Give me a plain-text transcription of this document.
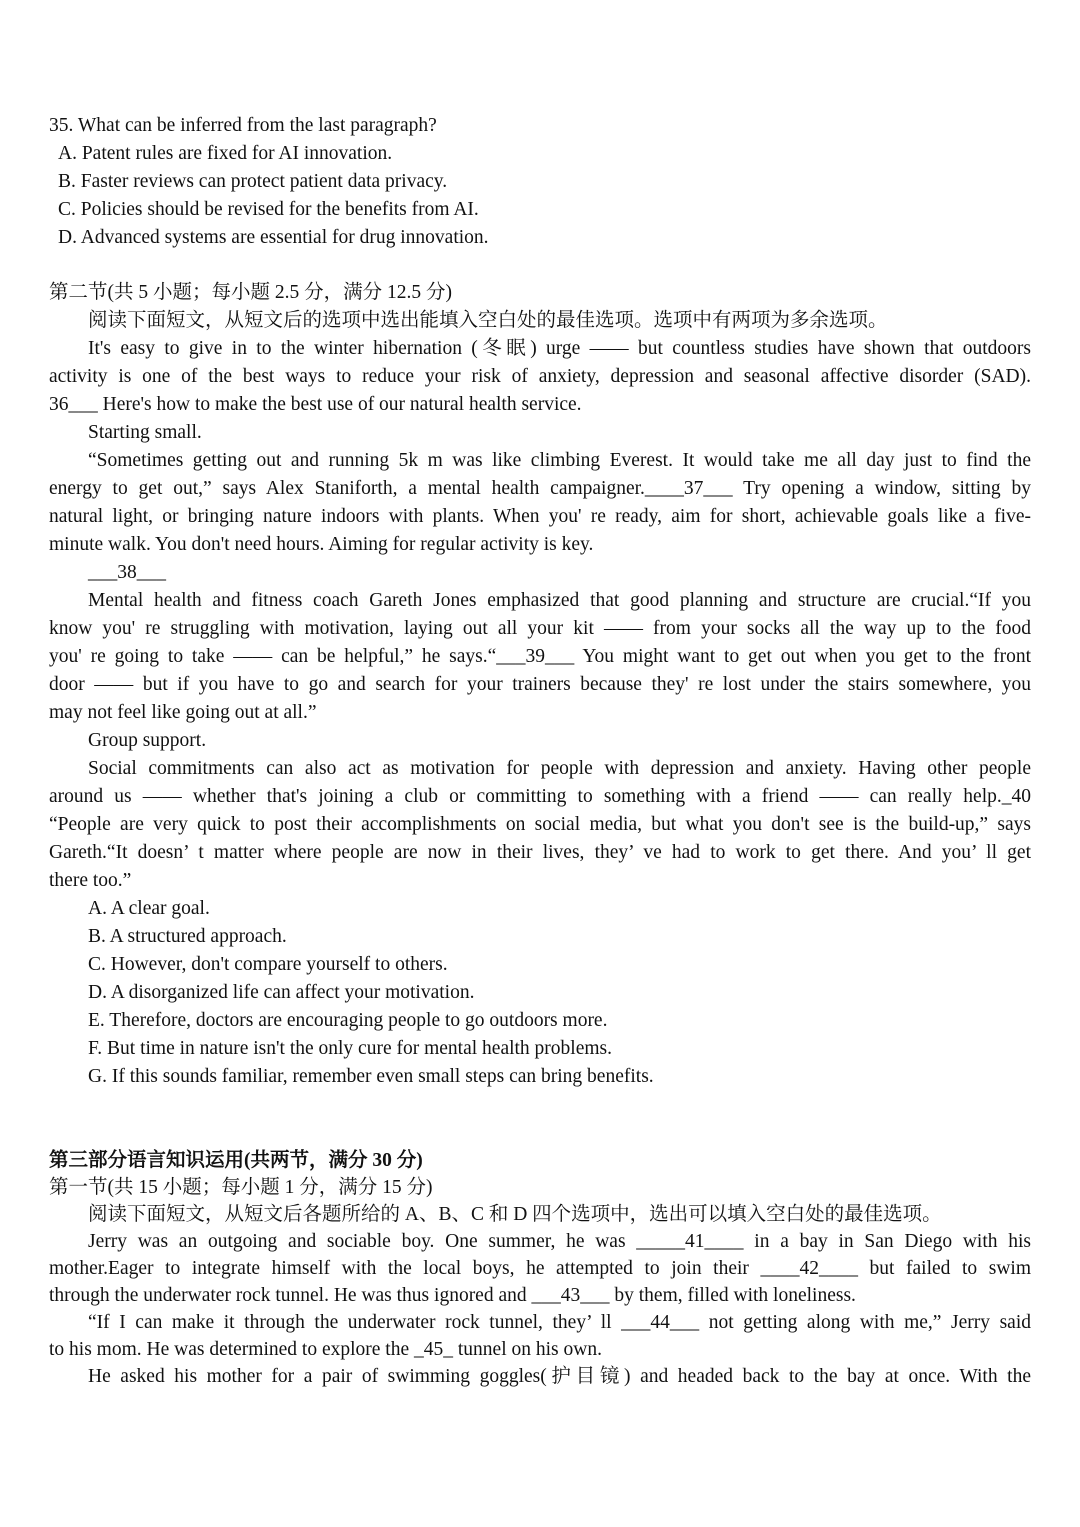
35. What can be inferred from the last paragraph?
A. Patent rules are fixed for AI innovation.
B. Faster reviews can protect patient data privacy.
C. Policies should be revised for the benefits from AI.
D. Advanced systems are essential for drug innovation.
第二节(共 5 小题；每小题 2.5 分，满分 12.5 分)
阅读下面短文，从短文后的选项中选出能填入空白处的最佳选项。选项中有两项为多余选项。
It's easy to give in to the winter hibernation (冬眠) urge —— but countless studies have shown that outdoors
activity is one of the best ways to reduce your risk of anxiety, depression and seasonal affective disorder (SAD).
36___ Here's how to make the best use of our natural health service.
Starting small.
“Sometimes getting out and running 5k m was like climbing Everest. It would take me all day just to find the
energy to get out,” says Alex Staniforth, a mental health campaigner.____37___ Try opening a window, sitting by
natural light, or bringing nature indoors with plants. When you' re ready, aim for short, achievable goals like a five-
minute walk. You don't need hours. Aiming for regular activity is key.
___38___
Mental health and fitness coach Gareth Jones emphasized that good planning and structure are crucial.“If you
know you' re struggling with motivation, laying out all your kit —— from your socks all the way up to the food
you' re going to take —— can be helpful,” he says.“___39___ You might want to get out when you get to the front
door —— but if you have to go and search for your trainers because they' re lost under the stairs somewhere, you
may not feel like going out at all.”
Group support.
Social commitments can also act as motivation for people with depression and anxiety. Having other people
around us —— whether that's joining a club or committing to something with a friend —— can really help._40
“People are very quick to post their accomplishments on social media, but what you don't see is the build-up,” says
Gareth.“It doesn’ t matter where people are now in their lives, they’ ve had to work to get there. And you’ ll get
there too.”
A. A clear goal.
B. A structured approach.
C. However, don't compare yourself to others.
D. A disorganized life can affect your motivation.
E. Therefore, doctors are encouraging people to go outdoors more.
F. But time in nature isn't the only cure for mental health problems.
G. If this sounds familiar, remember even small steps can bring benefits.
第三部分语言知识运用(共两节，满分 30 分)
第一节(共 15 小题；每小题 1 分，满分 15 分)
阅读下面短文，从短文后各题所给的 A、B、C 和 D 四个选项中，选出可以填入空白处的最佳选项。
Jerry was an outgoing and sociable boy. One summer, he was _____41____ in a bay in San Diego with his
mother.Eager to integrate himself with the local boys, he attempted to join their ____42____ but failed to swim
through the underwater rock tunnel. He was thus ignored and ___43___ by them, filled with loneliness.
“If I can make it through the underwater rock tunnel, they’ ll ___44___ not getting along with me,” Jerry said
to his mom. He was determined to explore the _45_ tunnel on his own.
He asked his mother for a pair of swimming goggles(护目镜) and headed back to the bay at once. With the
